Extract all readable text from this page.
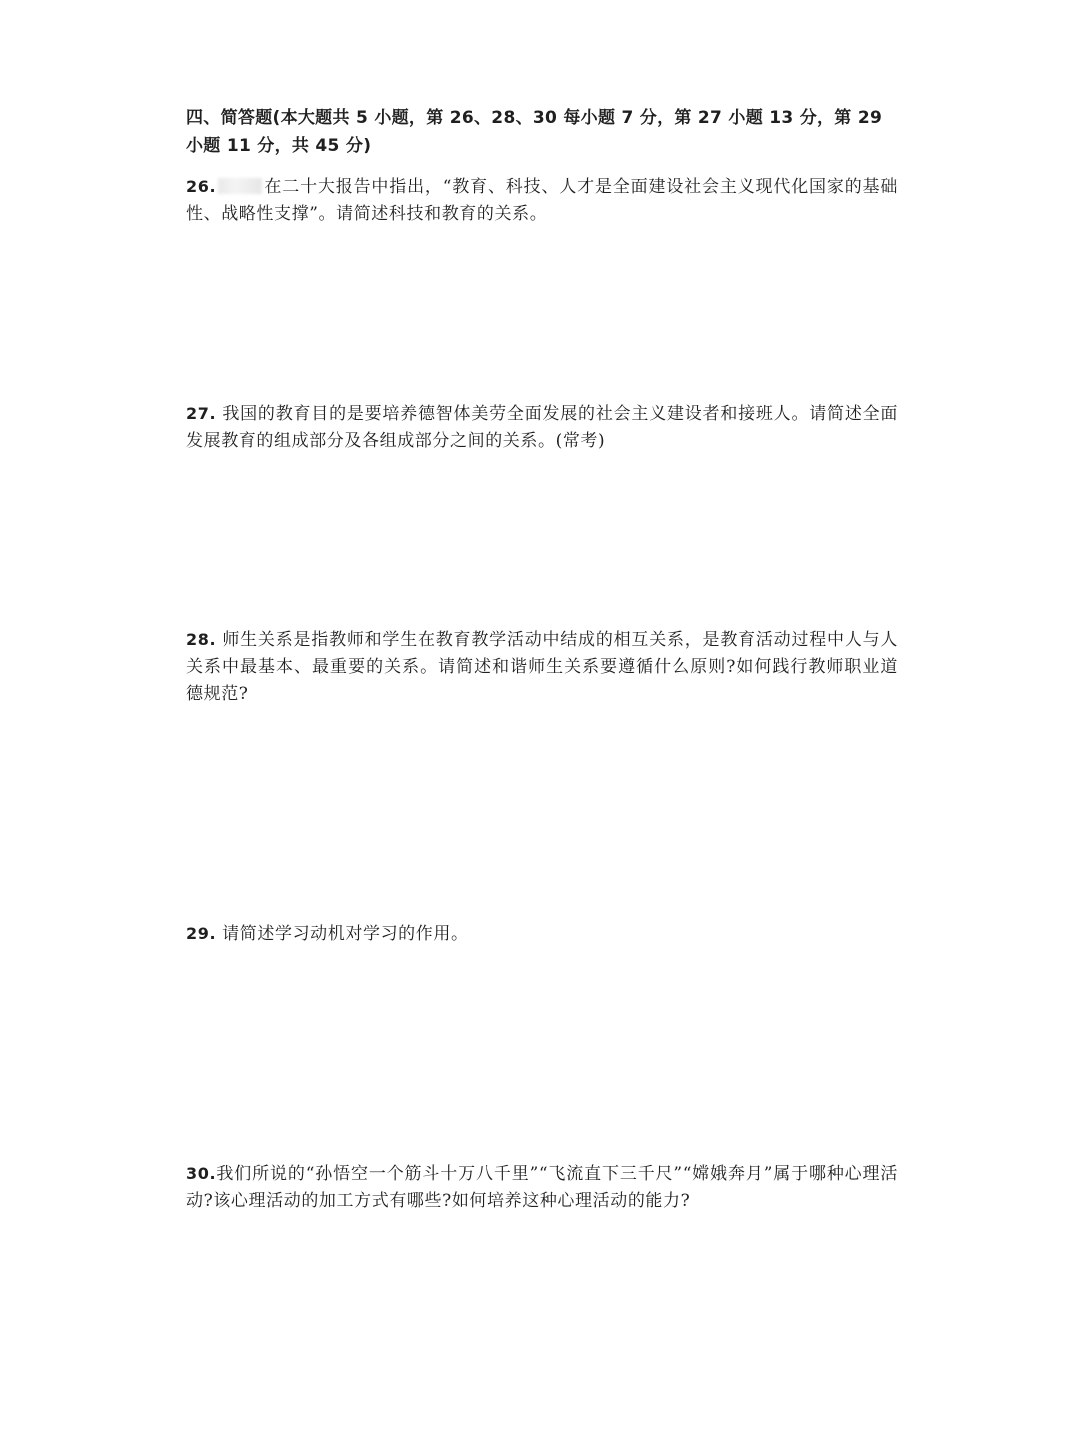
四、简答题(本大题共 5 小题，第 26、28、30 每小题 7 分，第 27 小题 13 分，第 29 小题 11 分，共 45 分)
26.	在二十大报告中指出，“教育、科技、人才是全面建设社会主义现代化国家的基础性、战略性支撑”。请简述科技和教育的关系。
27. 我国的教育目的是要培养德智体美劳全面发展的社会主义建设者和接班人。请简述全面发展教育的组成部分及各组成部分之间的关系。(常考)
28. 师生关系是指教师和学生在教育教学活动中结成的相互关系，是教育活动过程中人与人关系中最基本、最重要的关系。请简述和谐师生关系要遵循什么原则?如何践行教师职业道德规范?
29. 请简述学习动机对学习的作用。
30.我们所说的“孙悟空一个筋斗十万八千里”“飞流直下三千尺”“嫦娥奔月”属于哪种心理活动?该心理活动的加工方式有哪些?如何培养这种心理活动的能力?
